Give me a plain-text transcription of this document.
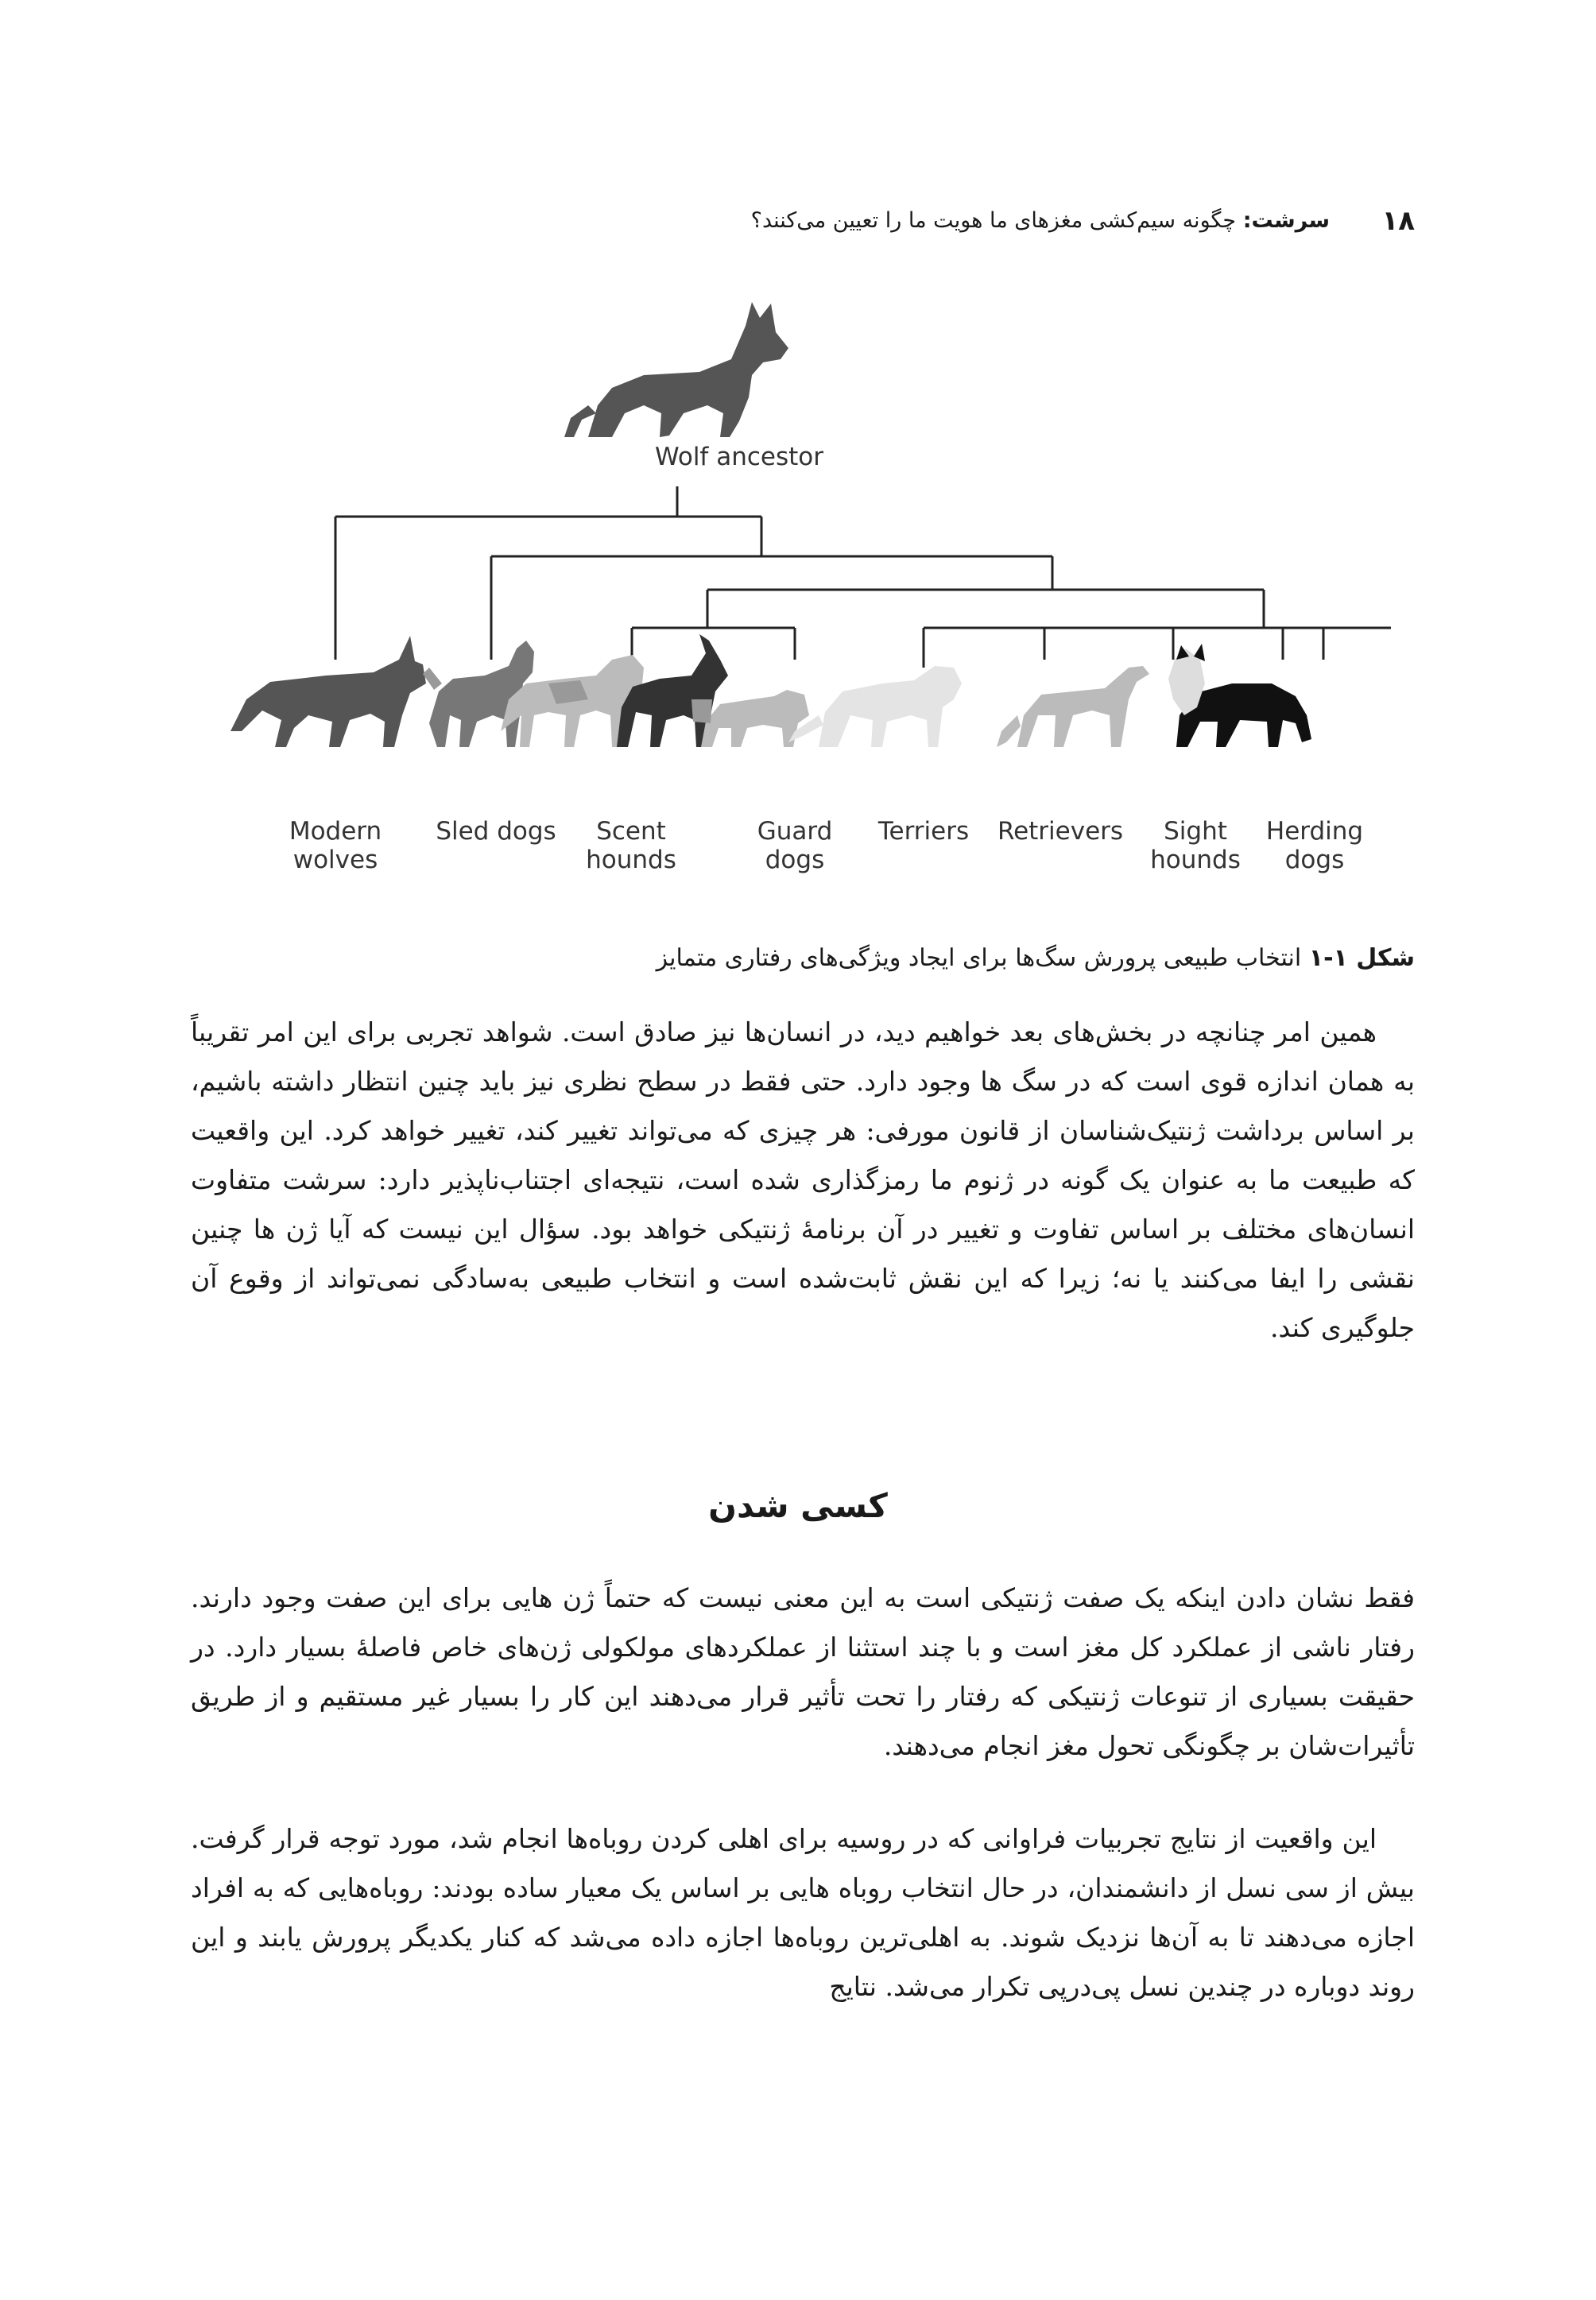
۱۸
سرشت: چگونه سیم‌کشی مغزهای ما هویت ما را تعیین می‌کنند؟
Wolf ancestor
Modern
wolves
Sled dogs	Scent
hounds
Guard
dogs
Terriers	Retrievers	Sight
hounds
Herding
dogs
شکل ۱-۱ انتخاب طبیعی پرورش سگ‌ها برای ایجاد ویژگی‌های رفتاری متمایز

همین امر چنانچه در بخش‌های بعد خواهیم دید، در انسان‌ها نیز صادق است. شواهد تجربی برای این امر تقریباً به همان اندازه قوی است که در سگ ها وجود دارد. حتی فقط در سطح نظری نیز باید چنین انتظار داشته باشیم، بر اساس برداشت ژنتیک‌شناسان از قانون مورفی: هر چیزی که می‌تواند تغییر کند، تغییر خواهد کرد. این واقعیت که طبیعت ما به عنوان یک گونه در ژنوم ما رمزگذاری شده است، نتیجه‌ای اجتناب‌ناپذیر دارد: سرشت متفاوت انسان‌های مختلف بر اساس تفاوت و تغییر در آن برنامۀ ژنتیکی خواهد بود. سؤال این نیست که آیا ژن ها چنین نقشی را ایفا می‌کنند یا نه؛ زیرا که این نقش ثابت‌شده است و انتخاب طبیعی به‌سادگی نمی‌تواند از وقوع آن جلوگیری کند.

کسی شدن

فقط نشان دادن اینکه یک صفت ژنتیکی است به این معنی نیست که حتماً ژن هایی برای این صفت وجود دارند. رفتار ناشی از عملکرد کل مغز است و با چند استثنا از عملکردهای مولکولی ژن‌های خاص فاصلۀ بسیار دارد. در حقیقت بسیاری از تنوعات ژنتیکی که رفتار را تحت تأثیر قرار می‌دهند این کار را بسیار غیر مستقیم و از طریق تأثیرات‌شان بر چگونگی تحول مغز انجام می‌دهند.

این واقعیت از نتایج تجربیات فراوانی که در روسیه برای اهلی کردن روباه‌ها انجام شد، مورد توجه قرار گرفت. بیش از سی نسل از دانشمندان، در حال انتخاب روباه هایی بر اساس یک معیار ساده بودند: روباه‌هایی که به افراد اجازه می‌دهند تا به آن‌ها نزدیک شوند. به اهلی‌ترین روباه‌ها اجازه داده می‌شد که کنار یکدیگر پرورش یابند و این روند دوباره در چندین نسل پی‌درپی تکرار می‌شد. نتایج
